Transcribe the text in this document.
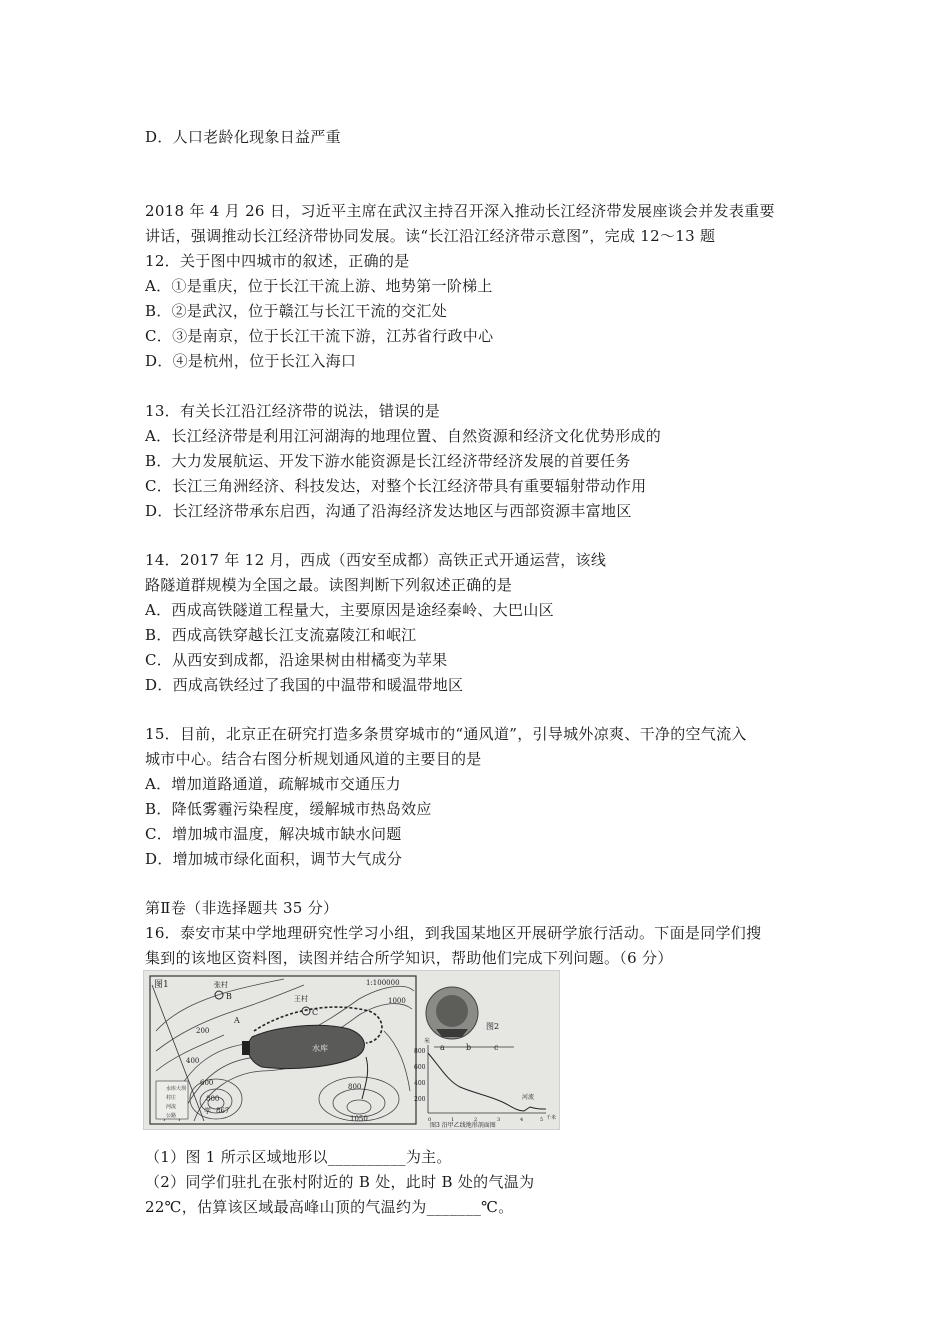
D．人口老龄化现象日益严重
2018 年 4 月 26 日，习近平主席在武汉主持召开深入推动长江经济带发展座谈会并发表重要
讲话，强调推动长江经济带协同发展。读“长江沿江经济带示意图”，完成 12～13 题
12．关于图中四城市的叙述，正确的是
A．①是重庆，位于长江干流上游、地势第一阶梯上
B．②是武汉，位于赣江与长江干流的交汇处
C．③是南京，位于长江干流下游，江苏省行政中心
D．④是杭州，位于长江入海口
13．有关长江沿江经济带的说法，错误的是
A．长江经济带是利用江河湖海的地理位置、自然资源和经济文化优势形成的
B．大力发展航运、开发下游水能资源是长江经济带经济发展的首要任务
C．长江三角洲经济、科技发达，对整个长江经济带具有重要辐射带动作用
D．长江经济带承东启西，沟通了沿海经济发达地区与西部资源丰富地区
14．2017 年 12 月，西成（西安至成都）高铁正式开通运营，该线
路隧道群规模为全国之最。读图判断下列叙述正确的是
A．西成高铁隧道工程量大，主要原因是途经秦岭、大巴山区
B．西成高铁穿越长江支流嘉陵江和岷江
C．从西安到成都，沿途果树由柑橘变为苹果
D．西成高铁经过了我国的中温带和暖温带地区
15．目前，北京正在研究打造多条贯穿城市的“通风道”，引导城外凉爽、干净的空气流入
城市中心。结合右图分析规划通风道的主要目的是
A．增加道路通道，疏解城市交通压力
B．降低雾霾污染程度，缓解城市热岛效应
C．增加城市温度，解决城市缺水问题
D．增加城市绿化面积，调节大气成分
第Ⅱ卷（非选择题共 35 分）
16．泰安市某中学地理研究性学习小组，到我国某地区开展研学旅行活动。下面是同学们搜
集到的该地区资料图，读图并结合所学知识，帮助他们完成下列问题。（6 分）
图1	1:100000
水库
张村
B	王村
C
A
200
400
600
800
学 867
1000
1050
800
水库大坝
村庄
河流
公路
图2
米
800
600
400
200
a	b	c
河流
0	1	2	3	4	5 千米
图3 沿甲乙线地形剖面图
（1）图 1 所示区域地形以__________为主。
（2）同学们驻扎在张村附近的 B 处，此时 B 处的气温为
22℃，估算该区域最高峰山顶的气温约为_______℃。
